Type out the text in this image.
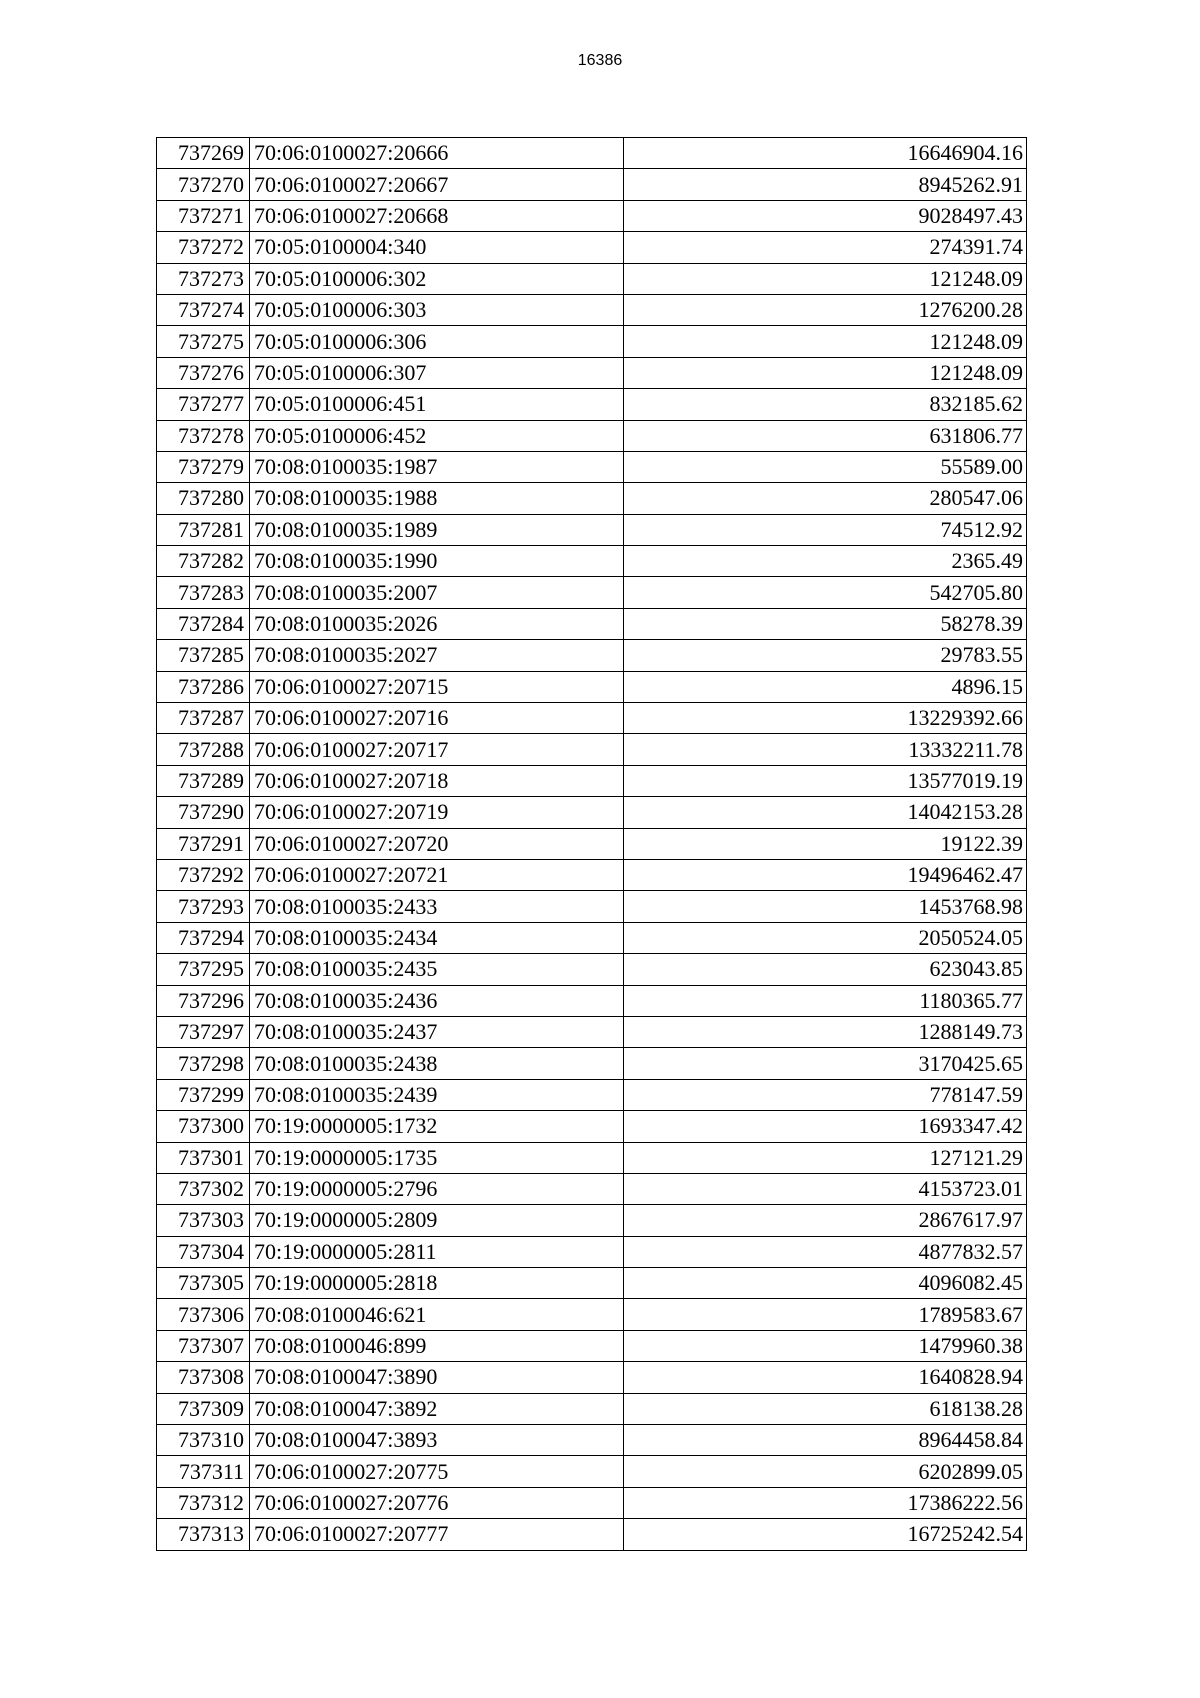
16386
737269	70:06:0100027:20666	16646904.16
737270	70:06:0100027:20667	8945262.91
737271	70:06:0100027:20668	9028497.43
737272	70:05:0100004:340	274391.74
737273	70:05:0100006:302	121248.09
737274	70:05:0100006:303	1276200.28
737275	70:05:0100006:306	121248.09
737276	70:05:0100006:307	121248.09
737277	70:05:0100006:451	832185.62
737278	70:05:0100006:452	631806.77
737279	70:08:0100035:1987	55589.00
737280	70:08:0100035:1988	280547.06
737281	70:08:0100035:1989	74512.92
737282	70:08:0100035:1990	2365.49
737283	70:08:0100035:2007	542705.80
737284	70:08:0100035:2026	58278.39
737285	70:08:0100035:2027	29783.55
737286	70:06:0100027:20715	4896.15
737287	70:06:0100027:20716	13229392.66
737288	70:06:0100027:20717	13332211.78
737289	70:06:0100027:20718	13577019.19
737290	70:06:0100027:20719	14042153.28
737291	70:06:0100027:20720	19122.39
737292	70:06:0100027:20721	19496462.47
737293	70:08:0100035:2433	1453768.98
737294	70:08:0100035:2434	2050524.05
737295	70:08:0100035:2435	623043.85
737296	70:08:0100035:2436	1180365.77
737297	70:08:0100035:2437	1288149.73
737298	70:08:0100035:2438	3170425.65
737299	70:08:0100035:2439	778147.59
737300	70:19:0000005:1732	1693347.42
737301	70:19:0000005:1735	127121.29
737302	70:19:0000005:2796	4153723.01
737303	70:19:0000005:2809	2867617.97
737304	70:19:0000005:2811	4877832.57
737305	70:19:0000005:2818	4096082.45
737306	70:08:0100046:621	1789583.67
737307	70:08:0100046:899	1479960.38
737308	70:08:0100047:3890	1640828.94
737309	70:08:0100047:3892	618138.28
737310	70:08:0100047:3893	8964458.84
737311	70:06:0100027:20775	6202899.05
737312	70:06:0100027:20776	17386222.56
737313	70:06:0100027:20777	16725242.54
